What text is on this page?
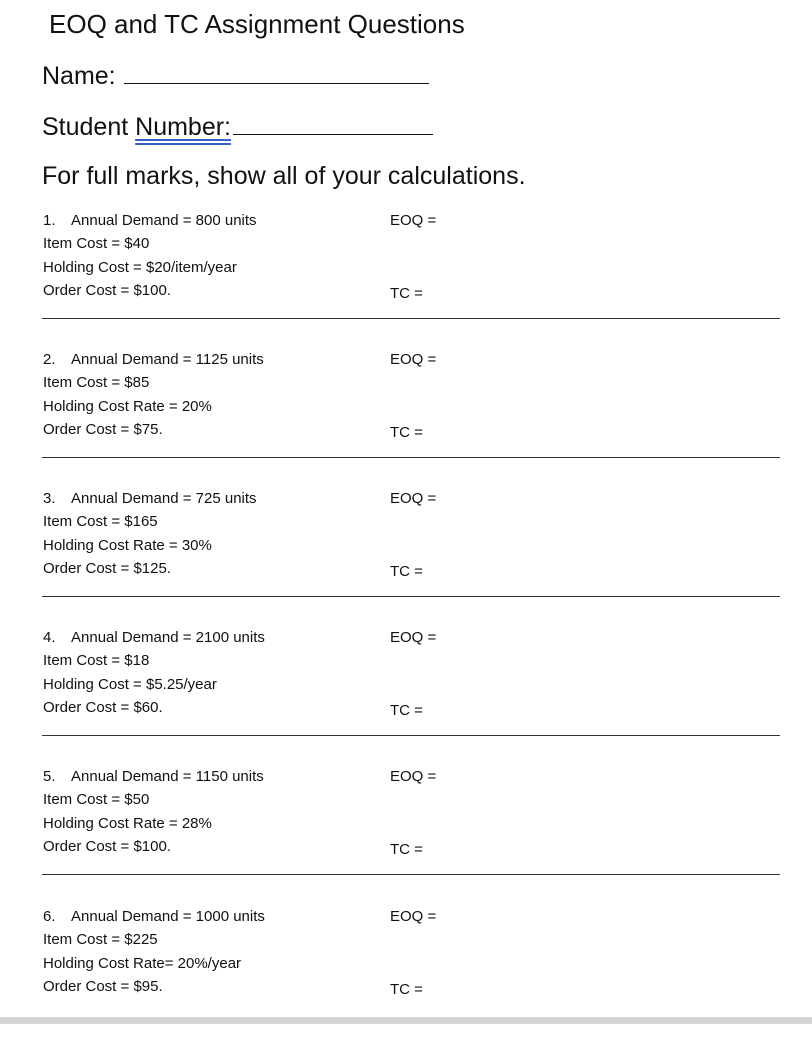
EOQ and TC Assignment Questions
Name:
Student Number:
For full marks, show all of your calculations.
1. Annual Demand = 800 units
Item Cost = $40
Holding Cost = $20/item/year
Order Cost = $100.
EOQ =
TC =
2. Annual Demand = 1125 units
Item Cost = $85
Holding Cost Rate = 20%
Order Cost = $75.
EOQ =
TC =
3. Annual Demand = 725 units
Item Cost = $165
Holding Cost Rate = 30%
Order Cost = $125.
EOQ =
TC =
4. Annual Demand = 2100 units
Item Cost = $18
Holding Cost = $5.25/year
Order Cost = $60.
EOQ =
TC =
5. Annual Demand = 1150 units
Item Cost = $50
Holding Cost Rate = 28%
Order Cost = $100.
EOQ =
TC =
6. Annual Demand = 1000 units
Item Cost = $225
Holding Cost Rate= 20%/year
Order Cost = $95.
EOQ =
TC =
